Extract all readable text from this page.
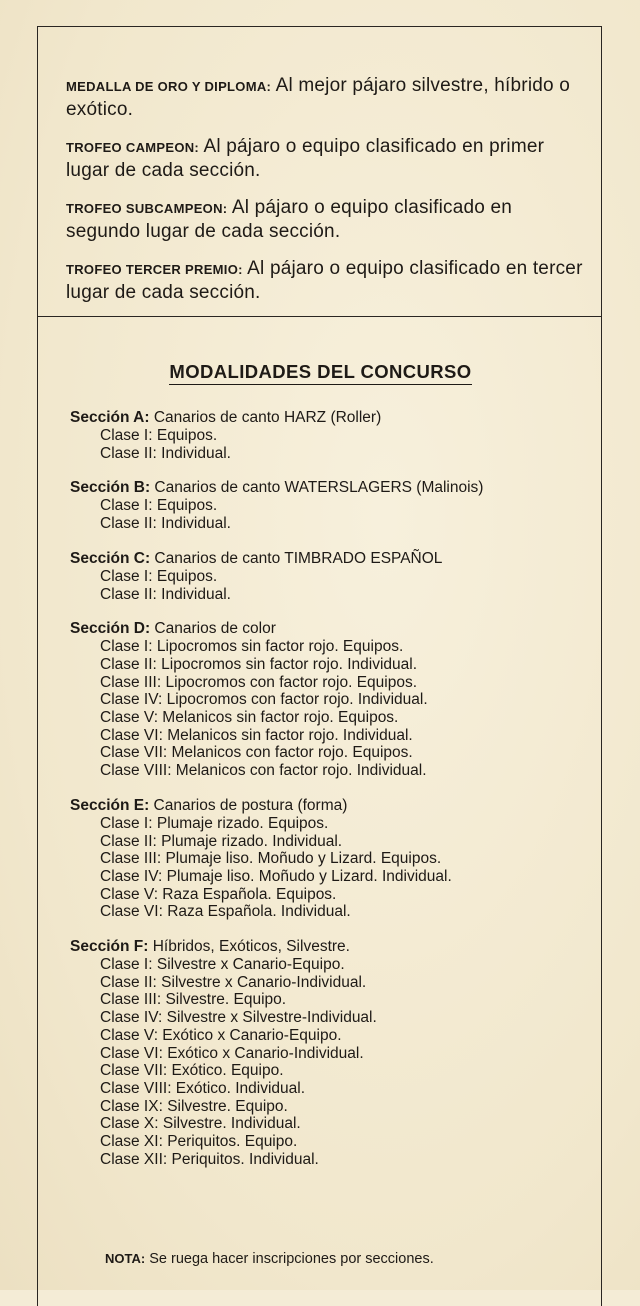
MEDALLA DE ORO Y DIPLOMA: Al mejor pájaro silvestre, híbrido o exótico.

TROFEO CAMPEON: Al pájaro o equipo clasificado en primer lugar de cada sección.

TROFEO SUBCAMPEON: Al pájaro o equipo clasificado en segundo lugar de cada sección.

TROFEO TERCER PREMIO: Al pájaro o equipo clasificado en tercer lugar de cada sección.

MODALIDADES DEL CONCURSO
Sección A: Canarios de canto HARZ (Roller)
Clase I: Equipos.
Clase II: Individual.
Sección B: Canarios de canto WATERSLAGERS (Malinois)
Clase I: Equipos.
Clase II: Individual.
Sección C: Canarios de canto TIMBRADO ESPAÑOL
Clase I: Equipos.
Clase II: Individual.
Sección D: Canarios de color
Clase I: Lipocromos sin factor rojo. Equipos.
Clase II: Lipocromos sin factor rojo. Individual.
Clase III: Lipocromos con factor rojo. Equipos.
Clase IV: Lipocromos con factor rojo. Individual.
Clase V: Melanicos sin factor rojo. Equipos.
Clase VI: Melanicos sin factor rojo. Individual.
Clase VII: Melanicos con factor rojo. Equipos.
Clase VIII: Melanicos con factor rojo. Individual.
Sección E: Canarios de postura (forma)
Clase I: Plumaje rizado. Equipos.
Clase II: Plumaje rizado. Individual.
Clase III: Plumaje liso. Moñudo y Lizard. Equipos.
Clase IV: Plumaje liso. Moñudo y Lizard. Individual.
Clase V: Raza Española. Equipos.
Clase VI: Raza Española. Individual.
Sección F: Híbridos, Exóticos, Silvestre.
Clase I: Silvestre x Canario-Equipo.
Clase II: Silvestre x Canario-Individual.
Clase III: Silvestre. Equipo.
Clase IV: Silvestre x Silvestre-Individual.
Clase V: Exótico x Canario-Equipo.
Clase VI: Exótico x Canario-Individual.
Clase VII: Exótico. Equipo.
Clase VIII: Exótico. Individual.
Clase IX: Silvestre. Equipo.
Clase X: Silvestre. Individual.
Clase XI: Periquitos. Equipo.
Clase XII: Periquitos. Individual.
NOTA: Se ruega hacer inscripciones por secciones.
